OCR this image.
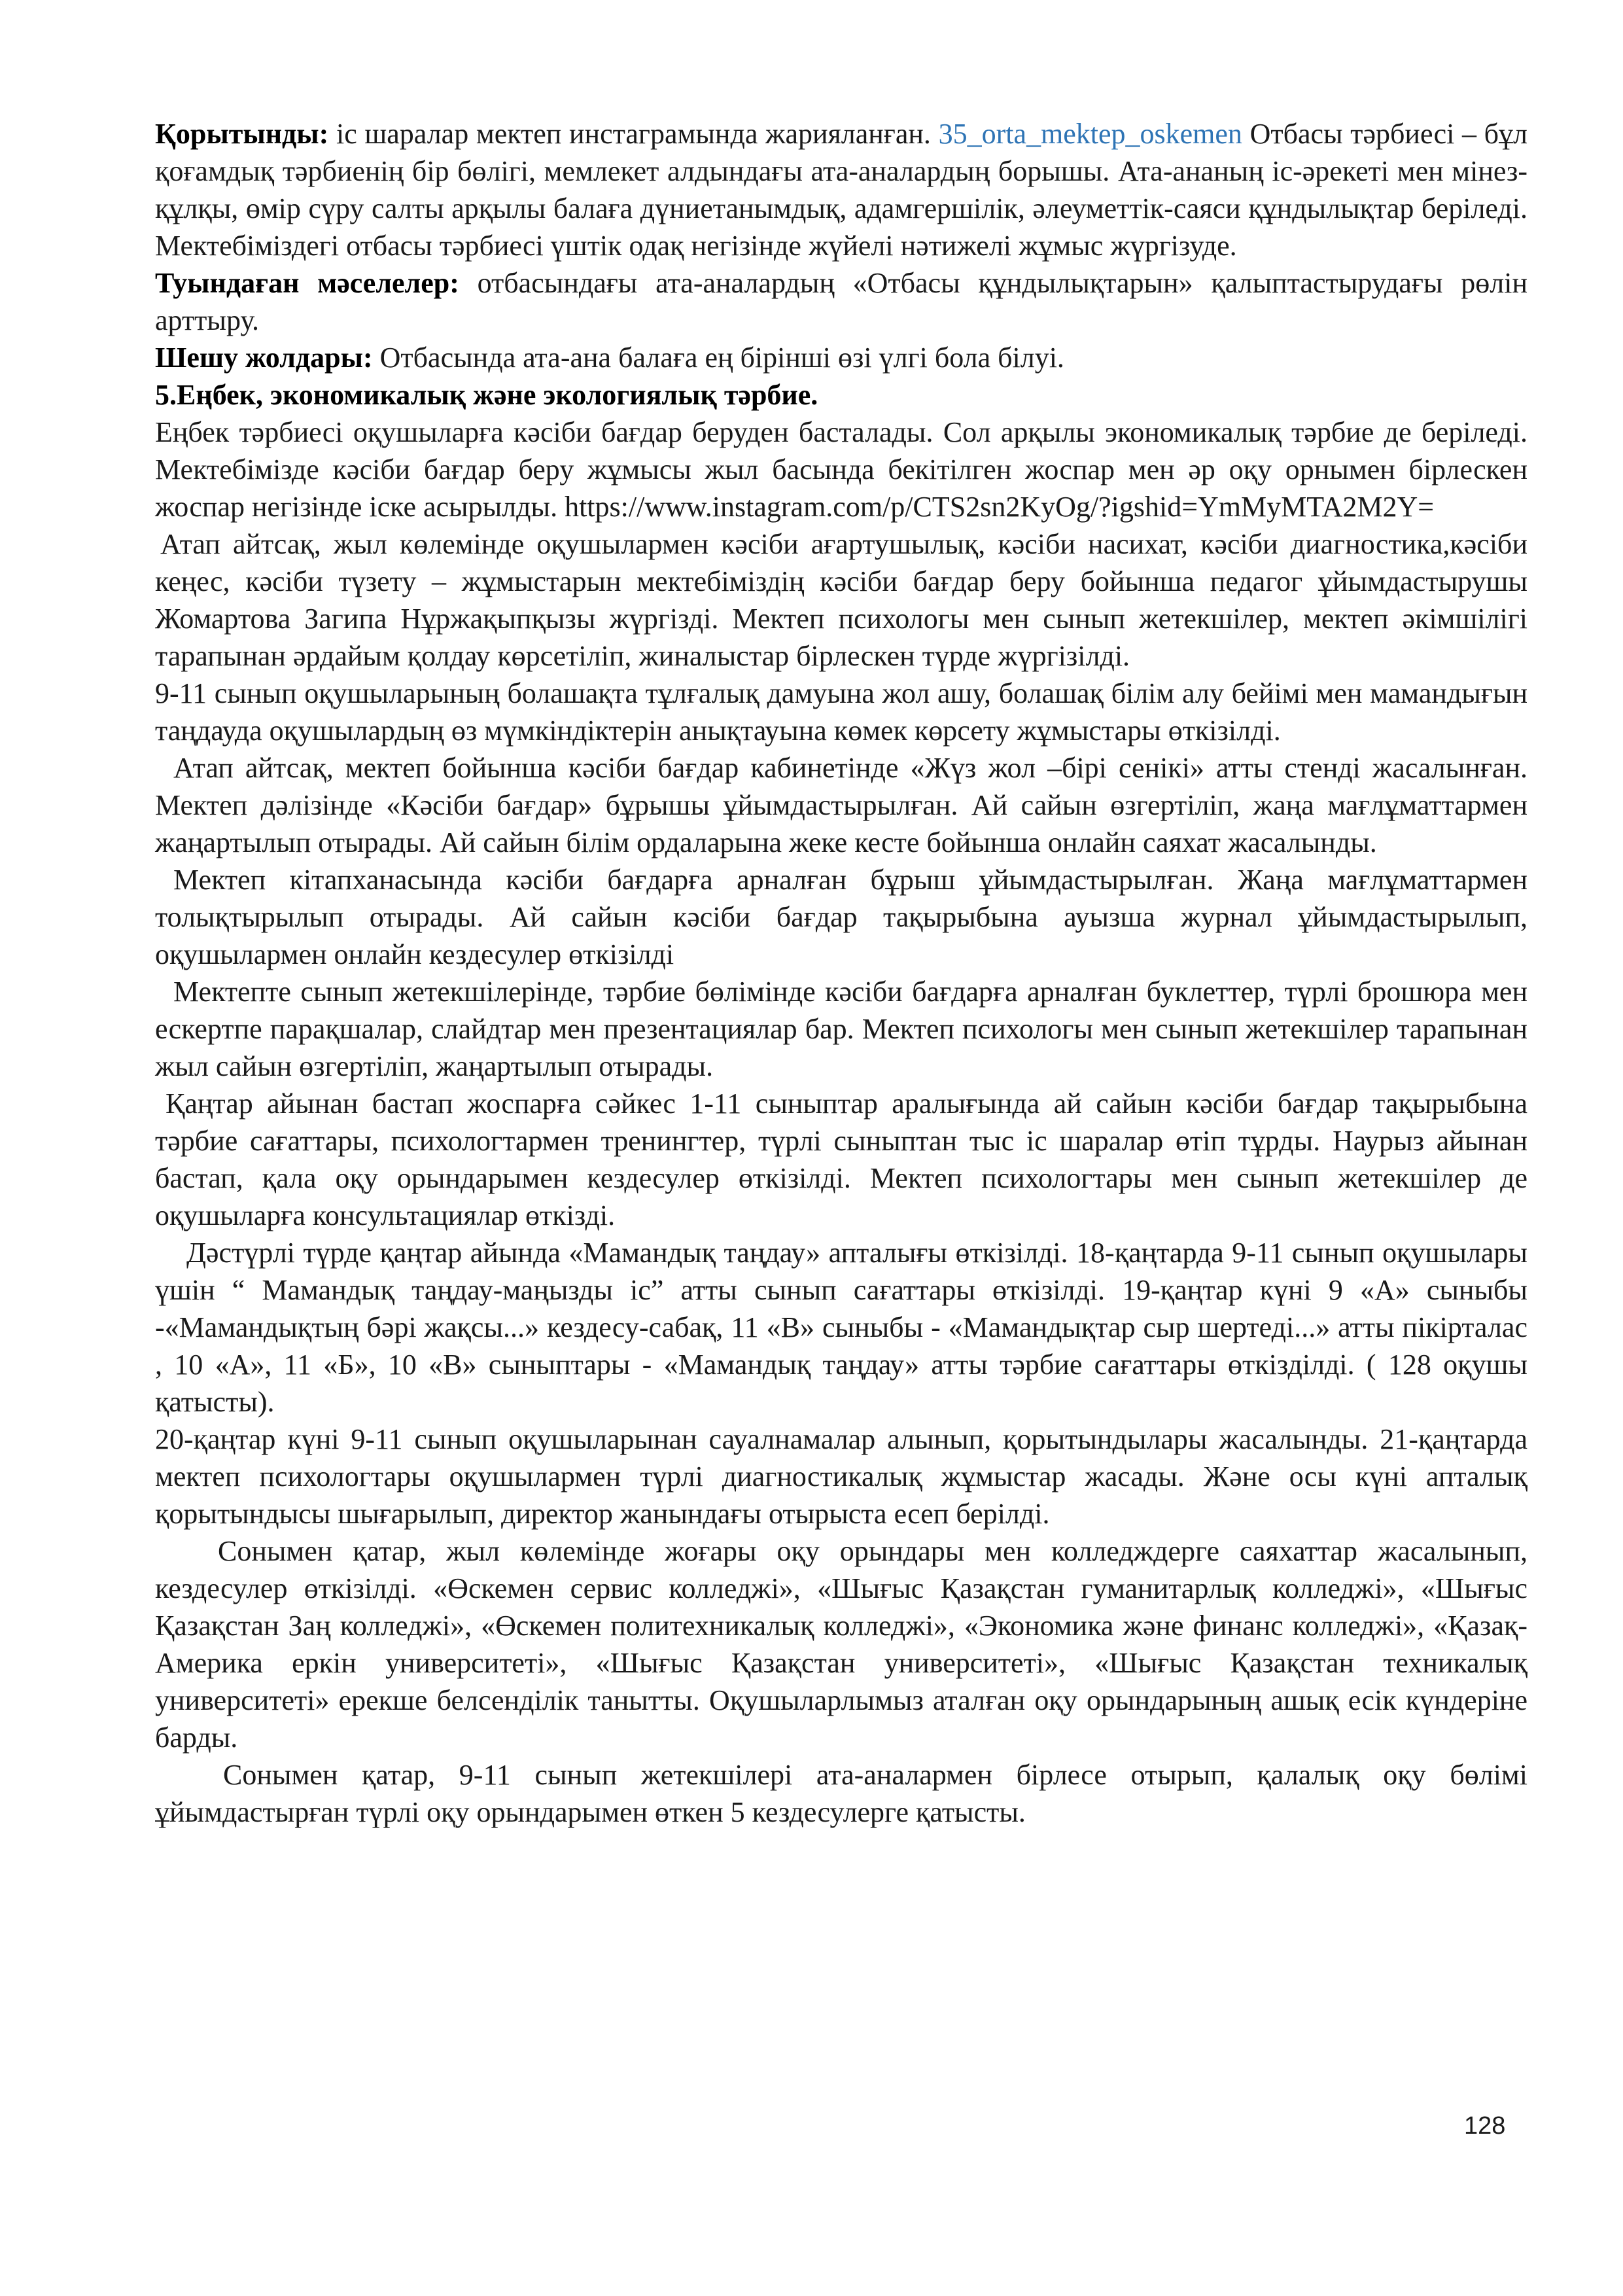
Қорытынды: іс шаралар мектеп инстаграмында жарияланған. 35_orta_mektep_oskemen Отбасы тәрбиесі – бұл қоғамдық тәрбиенің бір бөлігі, мемлекет алдындағы ата-аналардың борышы. Ата-ананың іс-әрекеті мен мінез-құлқы, өмір сүру салты арқылы балаға дүниетанымдық, адамгершілік, әлеуметтік-саяси құндылықтар беріледі. Мектебіміздегі отбасы тәрбиесі үштік одақ негізінде жүйелі нәтижелі жұмыс жүргізуде.

Туындаған мәселелер: отбасындағы ата-аналардың «Отбасы құндылықтарын» қалыптастырудағы рөлін арттыру.

Шешу жолдары: Отбасында ата-ана балаға ең бірінші өзі үлгі бола білуі.

5.Еңбек, экономикалық және экологиялық тәрбие.

Еңбек тәрбиесі оқушыларға кәсіби бағдар беруден басталады. Сол арқылы экономикалық тәрбие де беріледі. Мектебімізде кәсіби бағдар беру жұмысы жыл басында бекітілген жоспар мен әр оқу орнымен бірлескен жоспар негізінде іске асырылды. https://www.instagram.com/p/CTS2sn2KyOg/?igshid=YmMyMTA2M2Y=

Атап айтсақ, жыл көлемінде оқушылармен кәсіби ағартушылық, кәсіби насихат, кәсіби диагностика,кәсіби кеңес, кәсіби түзету – жұмыстарын мектебіміздің кәсіби бағдар беру бойынша педагог ұйымдастырушы Жомартова Загипа Нұржақыпқызы жүргізді. Мектеп психологы мен сынып жетекшілер, мектеп әкімшілігі тарапынан әрдайым қолдау көрсетіліп, жиналыстар бірлескен түрде жүргізілді.

9-11 сынып оқушыларының болашақта тұлғалық дамуына жол ашу, болашақ білім алу бейімі мен мамандығын таңдауда оқушылардың өз мүмкіндіктерін анықтауына көмек көрсету жұмыстары өткізілді.

Атап айтсақ, мектеп бойынша кәсіби бағдар кабинетінде «Жүз жол –бірі сенікі» атты стенді жасалынған. Мектеп дәлізінде «Кәсіби бағдар» бұрышы ұйымдастырылған. Ай сайын өзгертіліп, жаңа мағлұматтармен жаңартылып отырады. Ай сайын білім ордаларына жеке кесте бойынша онлайн саяхат жасалынды.

Мектеп кітапханасында кәсіби бағдарға арналған бұрыш ұйымдастырылған. Жаңа мағлұматтармен толықтырылып отырады. Ай сайын кәсіби бағдар тақырыбына ауызша журнал ұйымдастырылып, оқушылармен онлайн кездесулер өткізілді

Мектепте сынып жетекшілерінде, тәрбие бөлімінде кәсіби бағдарға арналған буклеттер, түрлі брошюра мен ескертпе парақшалар, слайдтар мен презентациялар бар. Мектеп психологы мен сынып жетекшілер тарапынан жыл сайын өзгертіліп, жаңартылып отырады.

Қаңтар айынан бастап жоспарға сәйкес 1-11 сыныптар аралығында ай сайын кәсіби бағдар тақырыбына тәрбие сағаттары, психологтармен тренингтер, түрлі сыныптан тыс іс шаралар өтіп тұрды. Наурыз айынан бастап, қала оқу орындарымен кездесулер өткізілді. Мектеп психологтары мен сынып жетекшілер де оқушыларға консультациялар өткізді.

Дәстүрлі түрде қаңтар айында «Мамандық таңдау» апталығы өткізілді. 18-қаңтарда 9-11 сынып оқушылары үшін “ Мамандық таңдау-маңызды іс” атты сынып сағаттары өткізілді. 19-қаңтар күні 9 «А» сыныбы -«Мамандықтың бәрі жақсы...» кездесу-сабақ, 11 «В» сыныбы - «Мамандықтар сыр шертеді...» атты пікірталас , 10 «А», 11 «Б», 10 «В» сыныптары - «Мамандық таңдау» атты тәрбие сағаттары өткізділді. ( 128 оқушы қатысты).

20-қаңтар күні 9-11 сынып оқушыларынан сауалнамалар алынып, қорытындылары жасалынды. 21-қаңтарда мектеп психологтары оқушылармен түрлі диагностикалық жұмыстар жасады. Және осы күні апталық қорытындысы шығарылып, директор жанындағы отырыста есеп берілді.

Сонымен қатар, жыл көлемінде жоғары оқу орындары мен колледждерге саяхаттар жасалынып, кездесулер өткізілді. «Өскемен сервис колледжі», «Шығыс Қазақстан гуманитарлық колледжі», «Шығыс Қазақстан Заң колледжі», «Өскемен политехникалық колледжі», «Экономика және финанс колледжі», «Қазақ-Америка еркін университеті», «Шығыс Қазақстан университеті», «Шығыс Қазақстан техникалық университеті» ерекше белсенділік танытты. Оқушыларлымыз аталған оқу орындарының ашық есік күндеріне барды.

Сонымен қатар, 9-11 сынып жетекшілері ата-аналармен бірлесе отырып, қалалық оқу бөлімі ұйымдастырған түрлі оқу орындарымен өткен 5 кездесулерге қатысты.

128
